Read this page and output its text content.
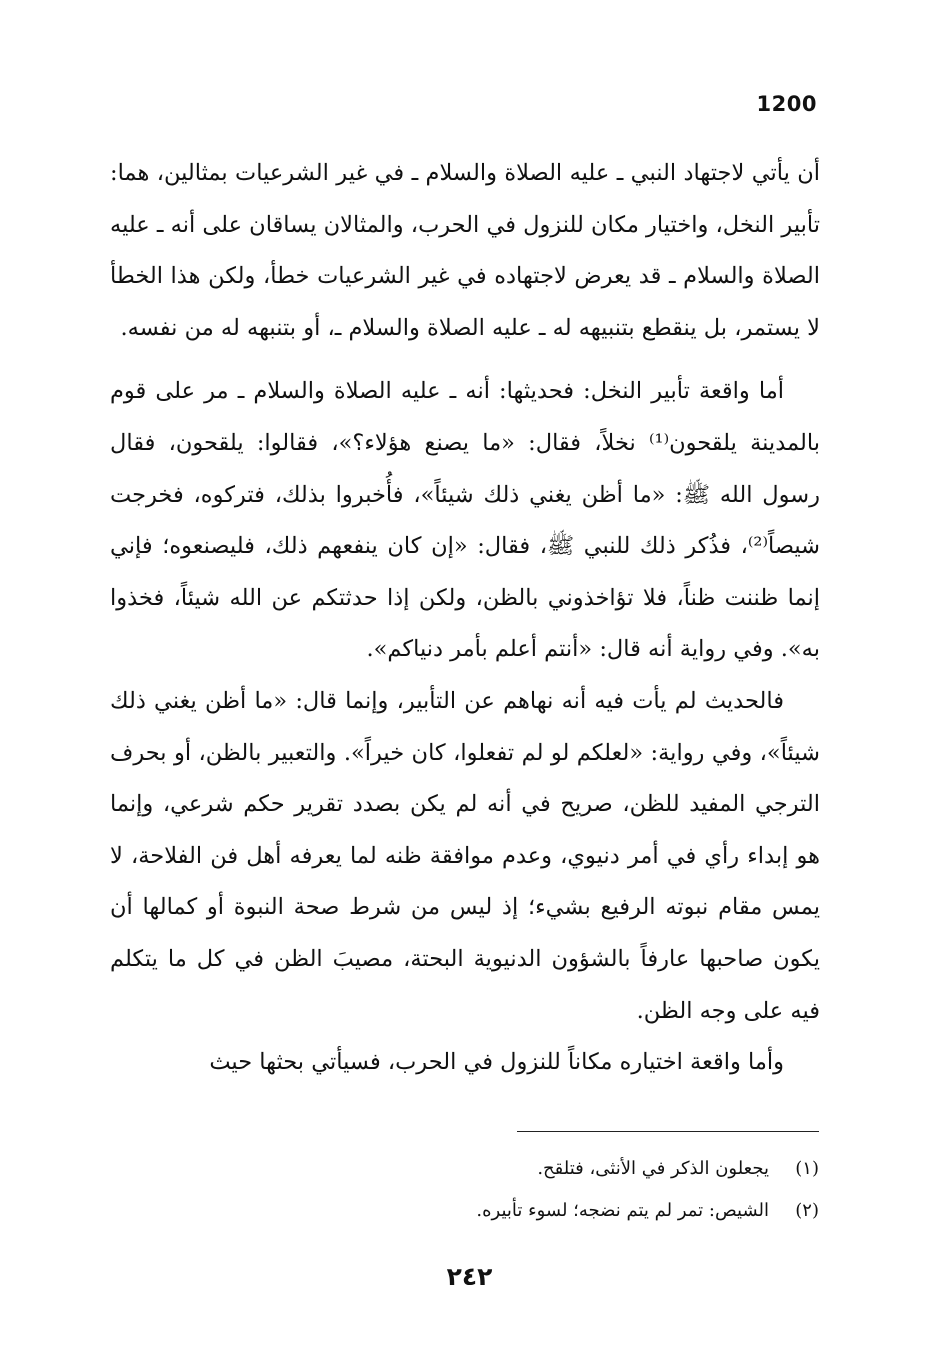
1200

أن يأتي لاجتهاد النبي ـ عليه الصلاة والسلام ـ في غير الشرعيات بمثالين، هما: تأبير النخل، واختيار مكان للنزول في الحرب، والمثالان يساقان على أنه ـ عليه الصلاة والسلام ـ قد يعرض لاجتهاده في غير الشرعيات خطأ، ولكن هذا الخطأ لا يستمر، بل ينقطع بتنبيهه له ـ عليه الصلاة والسلام ـ، أو بتنبهه له من نفسه.

أما واقعة تأبير النخل: فحديثها: أنه ـ عليه الصلاة والسلام ـ مر على قوم بالمدينة يلقحون⁽¹⁾ نخلاً، فقال: «ما يصنع هؤلاء؟»، فقالوا: يلقحون، فقال رسول الله ﷺ: «ما أظن يغني ذلك شيئاً»، فأُخبروا بذلك، فتركوه، فخرجت شيصاً⁽²⁾، فذُكر ذلك للنبي ﷺ، فقال: «إن كان ينفعهم ذلك، فليصنعوه؛ فإني إنما ظننت ظناً، فلا تؤاخذوني بالظن، ولكن إذا حدثتكم عن الله شيئاً، فخذوا به». وفي رواية أنه قال: «أنتم أعلم بأمر دنياكم».

فالحديث لم يأت فيه أنه نهاهم عن التأبير، وإنما قال: «ما أظن يغني ذلك شيئاً»، وفي رواية: «لعلكم لو لم تفعلوا، كان خيراً». والتعبير بالظن، أو بحرف الترجي المفيد للظن، صريح في أنه لم يكن بصدد تقرير حكم شرعي، وإنما هو إبداء رأي في أمر دنيوي، وعدم موافقة ظنه لما يعرفه أهل فن الفلاحة، لا يمس مقام نبوته الرفيع بشيء؛ إذ ليس من شرط صحة النبوة أو كمالها أن يكون صاحبها عارفاً بالشؤون الدنيوية البحتة، مصيبَ الظن في كل ما يتكلم فيه على وجه الظن.

وأما واقعة اختياره مكاناً للنزول في الحرب، فسيأتي بحثها حيث

(١)
يجعلون الذكر في الأنثى، فتلقح.
(٢)
الشيص: تمر لم يتم نضجه؛ لسوء تأبيره.
٢٤٢
